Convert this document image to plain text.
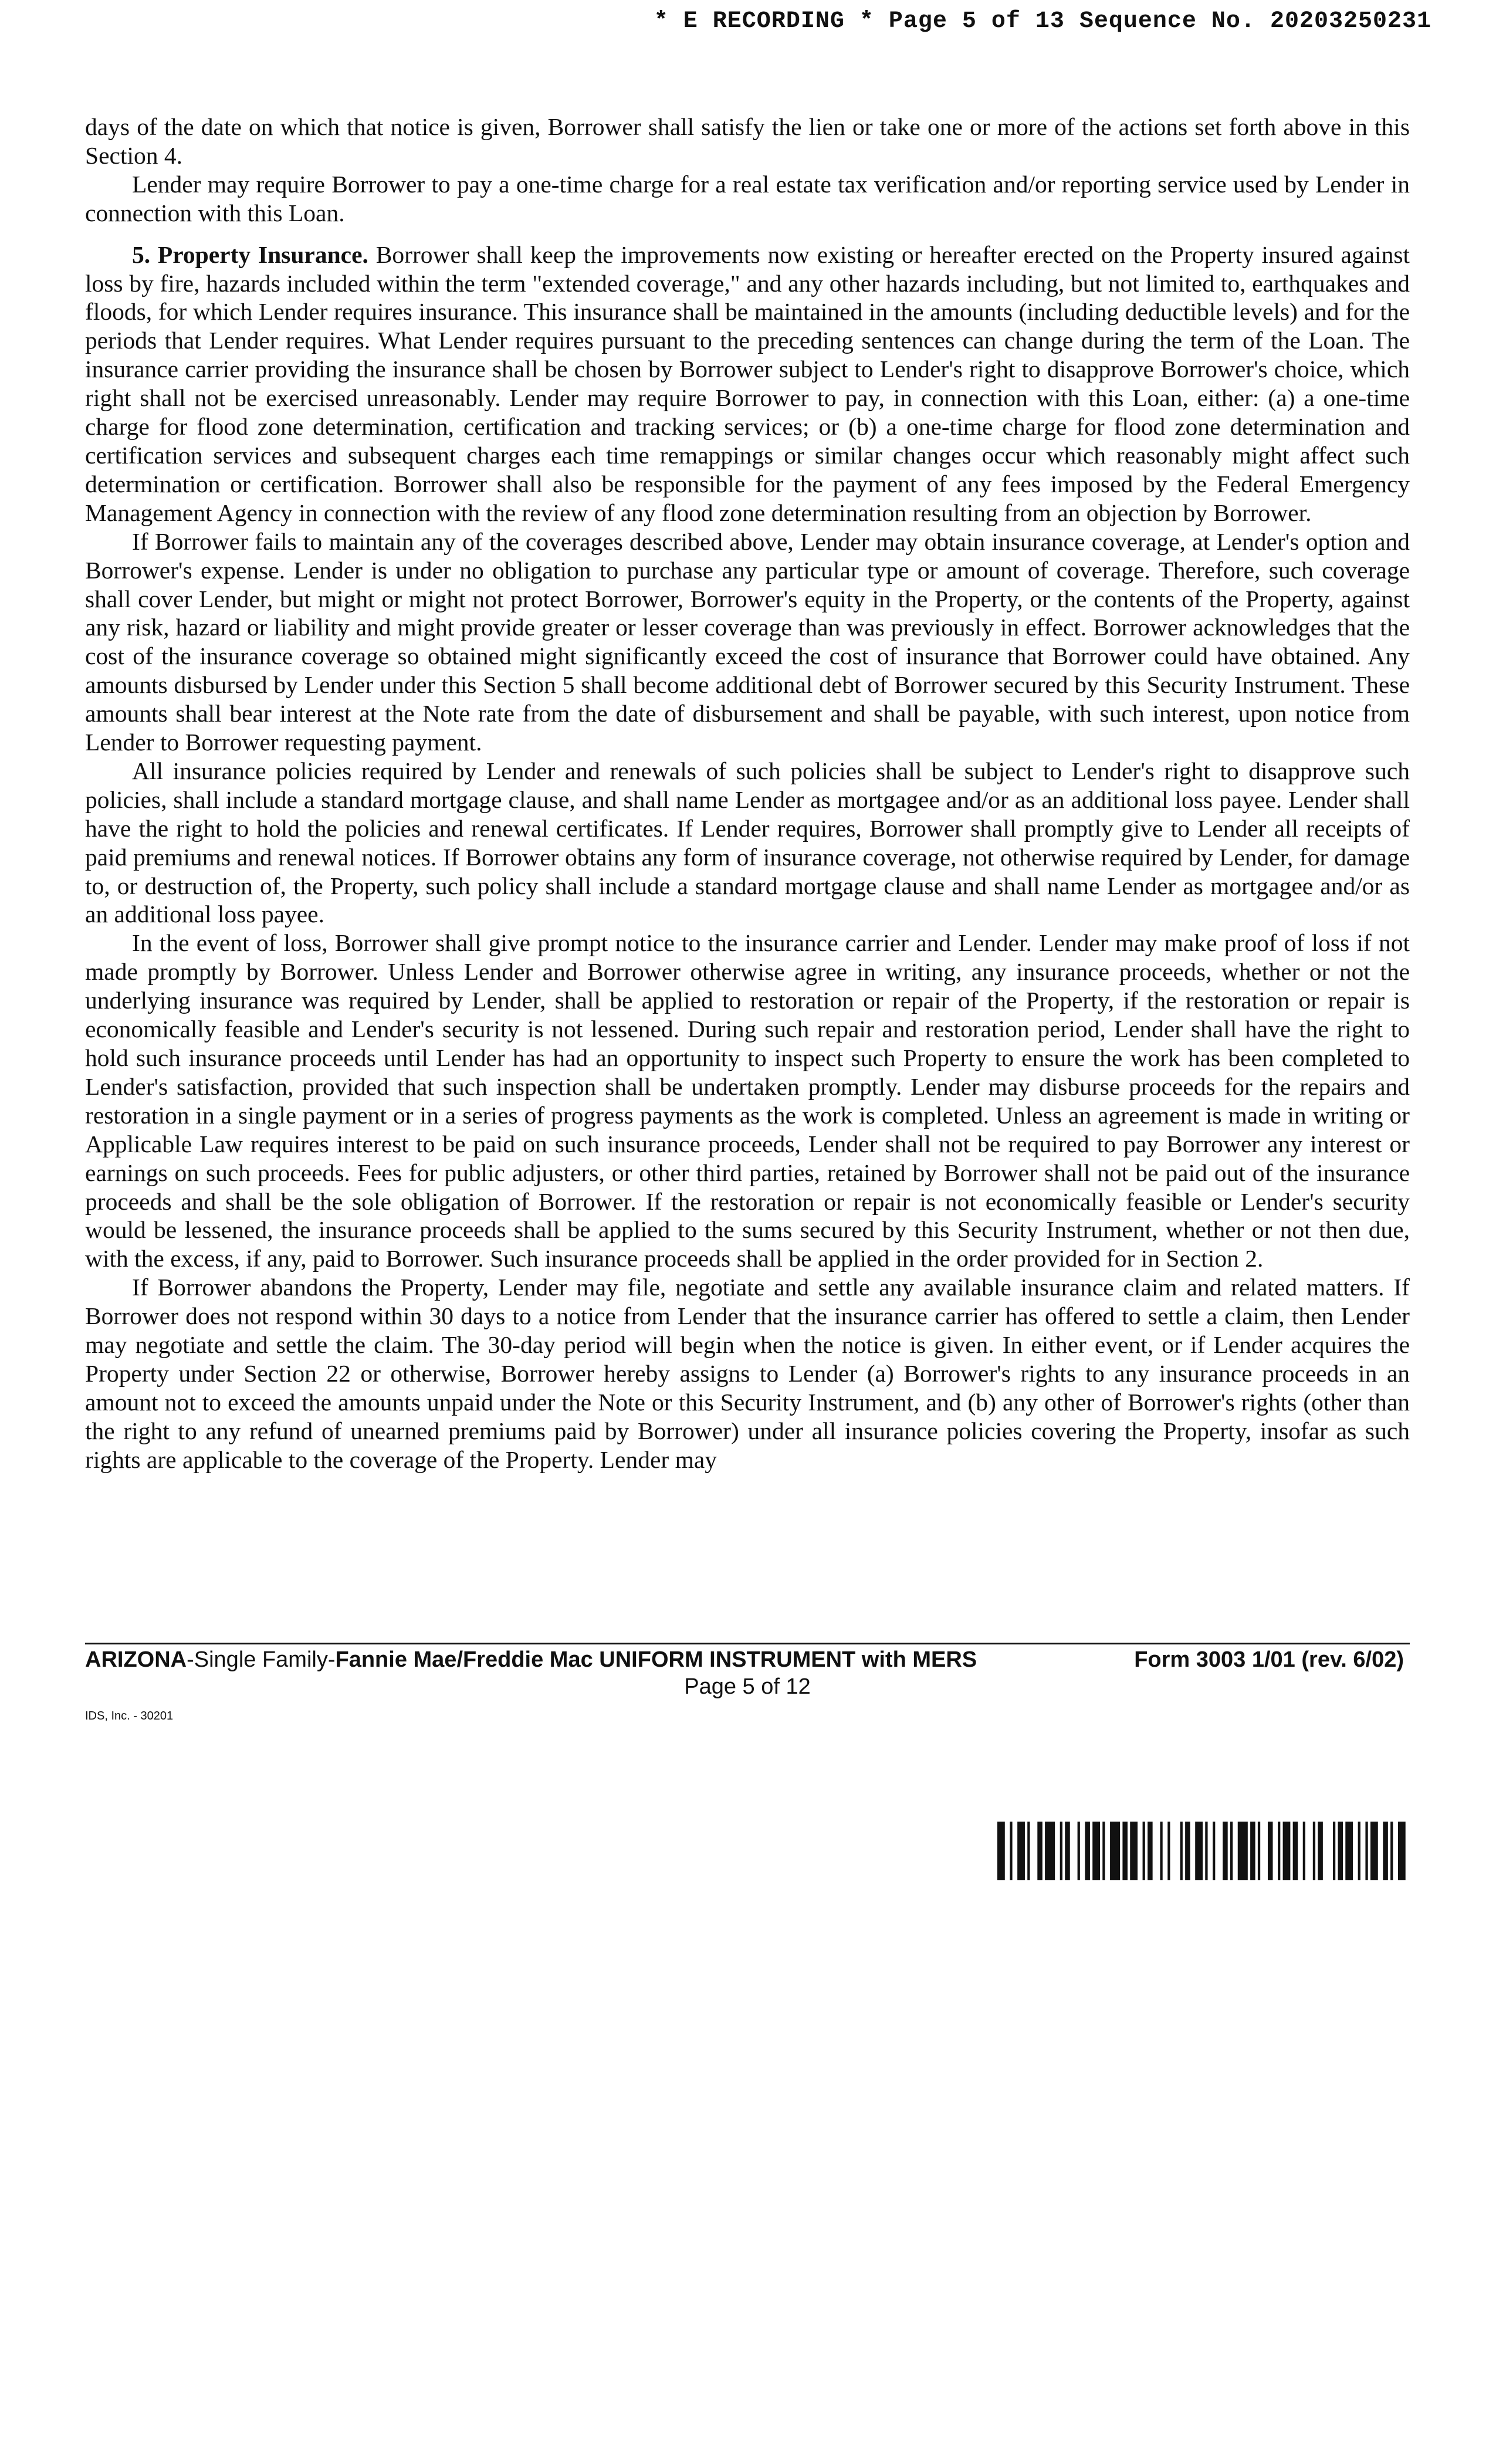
* E RECORDING * Page 5 of 13 Sequence No. 20203250231

days of the date on which that notice is given, Borrower shall satisfy the lien or take one or more of the actions set forth above in this Section 4.

Lender may require Borrower to pay a one-time charge for a real estate tax verification and/or reporting service used by Lender in connection with this Loan.

5. Property Insurance. Borrower shall keep the improvements now existing or hereafter erected on the Property insured against loss by fire, hazards included within the term "extended coverage," and any other hazards including, but not limited to, earthquakes and floods, for which Lender requires insurance. This insurance shall be maintained in the amounts (including deductible levels) and for the periods that Lender requires. What Lender requires pursuant to the preceding sentences can change during the term of the Loan. The insurance carrier providing the insurance shall be chosen by Borrower subject to Lender's right to disapprove Borrower's choice, which right shall not be exercised unreasonably. Lender may require Borrower to pay, in connection with this Loan, either: (a) a one-time charge for flood zone determination, certification and tracking services; or (b) a one-time charge for flood zone determination and certification services and subsequent charges each time remappings or similar changes occur which reasonably might affect such determination or certification. Borrower shall also be responsible for the payment of any fees imposed by the Federal Emergency Management Agency in connection with the review of any flood zone determination resulting from an objection by Borrower.

If Borrower fails to maintain any of the coverages described above, Lender may obtain insurance coverage, at Lender's option and Borrower's expense. Lender is under no obligation to purchase any particular type or amount of coverage. Therefore, such coverage shall cover Lender, but might or might not protect Borrower, Borrower's equity in the Property, or the contents of the Property, against any risk, hazard or liability and might provide greater or lesser coverage than was previously in effect. Borrower acknowledges that the cost of the insurance coverage so obtained might significantly exceed the cost of insurance that Borrower could have obtained. Any amounts disbursed by Lender under this Section 5 shall become additional debt of Borrower secured by this Security Instrument. These amounts shall bear interest at the Note rate from the date of disbursement and shall be payable, with such interest, upon notice from Lender to Borrower requesting payment.

All insurance policies required by Lender and renewals of such policies shall be subject to Lender's right to disapprove such policies, shall include a standard mortgage clause, and shall name Lender as mortgagee and/or as an additional loss payee. Lender shall have the right to hold the policies and renewal certificates. If Lender requires, Borrower shall promptly give to Lender all receipts of paid premiums and renewal notices. If Borrower obtains any form of insurance coverage, not otherwise required by Lender, for damage to, or destruction of, the Property, such policy shall include a standard mortgage clause and shall name Lender as mortgagee and/or as an additional loss payee.

In the event of loss, Borrower shall give prompt notice to the insurance carrier and Lender. Lender may make proof of loss if not made promptly by Borrower. Unless Lender and Borrower otherwise agree in writing, any insurance proceeds, whether or not the underlying insurance was required by Lender, shall be applied to restoration or repair of the Property, if the restoration or repair is economically feasible and Lender's security is not lessened. During such repair and restoration period, Lender shall have the right to hold such insurance proceeds until Lender has had an opportunity to inspect such Property to ensure the work has been completed to Lender's satisfaction, provided that such inspection shall be undertaken promptly. Lender may disburse proceeds for the repairs and restoration in a single payment or in a series of progress payments as the work is completed. Unless an agreement is made in writing or Applicable Law requires interest to be paid on such insurance proceeds, Lender shall not be required to pay Borrower any interest or earnings on such proceeds. Fees for public adjusters, or other third parties, retained by Borrower shall not be paid out of the insurance proceeds and shall be the sole obligation of Borrower. If the restoration or repair is not economically feasible or Lender's security would be lessened, the insurance proceeds shall be applied to the sums secured by this Security Instrument, whether or not then due, with the excess, if any, paid to Borrower. Such insurance proceeds shall be applied in the order provided for in Section 2.

If Borrower abandons the Property, Lender may file, negotiate and settle any available insurance claim and related matters. If Borrower does not respond within 30 days to a notice from Lender that the insurance carrier has offered to settle a claim, then Lender may negotiate and settle the claim. The 30-day period will begin when the notice is given. In either event, or if Lender acquires the Property under Section 22 or otherwise, Borrower hereby assigns to Lender (a) Borrower's rights to any insurance proceeds in an amount not to exceed the amounts unpaid under the Note or this Security Instrument, and (b) any other of Borrower's rights (other than the right to any refund of unearned premiums paid by Borrower) under all insurance policies covering the Property, insofar as such rights are applicable to the coverage of the Property. Lender may

ARIZONA-Single Family-Fannie Mae/Freddie Mac UNIFORM INSTRUMENT with MERS	Form 3003 1/01 (rev. 6/02)
Page 5 of 12
IDS, Inc. - 30201
